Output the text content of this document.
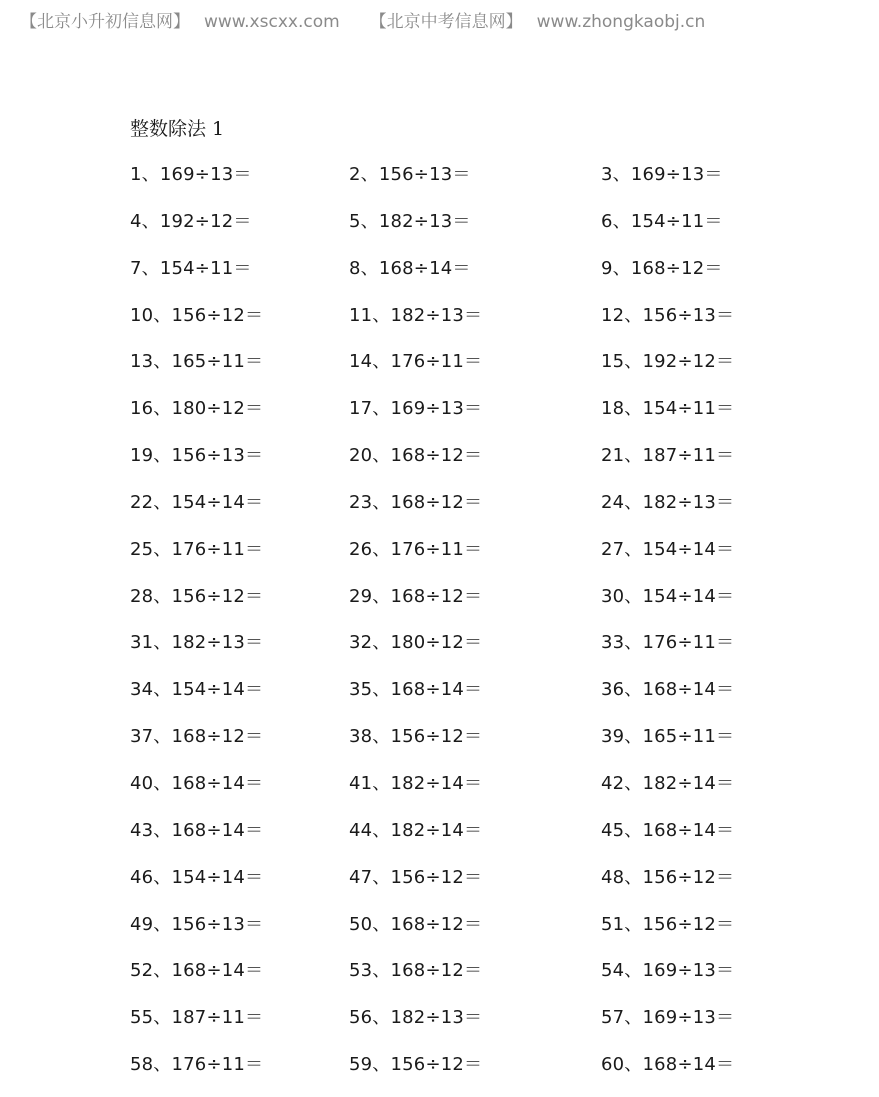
【北京小升初信息网】 www.xscxx.com 【北京中考信息网】 www.zhongkaobj.cn
整数除法 1
1、169÷13＝	2、156÷13＝	3、169÷13＝
4、192÷12＝	5、182÷13＝	6、154÷11＝
7、154÷11＝	8、168÷14＝	9、168÷12＝
10、156÷12＝	11、182÷13＝	12、156÷13＝
13、165÷11＝	14、176÷11＝	15、192÷12＝
16、180÷12＝	17、169÷13＝	18、154÷11＝
19、156÷13＝	20、168÷12＝	21、187÷11＝
22、154÷14＝	23、168÷12＝	24、182÷13＝
25、176÷11＝	26、176÷11＝	27、154÷14＝
28、156÷12＝	29、168÷12＝	30、154÷14＝
31、182÷13＝	32、180÷12＝	33、176÷11＝
34、154÷14＝	35、168÷14＝	36、168÷14＝
37、168÷12＝	38、156÷12＝	39、165÷11＝
40、168÷14＝	41、182÷14＝	42、182÷14＝
43、168÷14＝	44、182÷14＝	45、168÷14＝
46、154÷14＝	47、156÷12＝	48、156÷12＝
49、156÷13＝	50、168÷12＝	51、156÷12＝
52、168÷14＝	53、168÷12＝	54、169÷13＝
55、187÷11＝	56、182÷13＝	57、169÷13＝
58、176÷11＝	59、156÷12＝	60、168÷14＝
